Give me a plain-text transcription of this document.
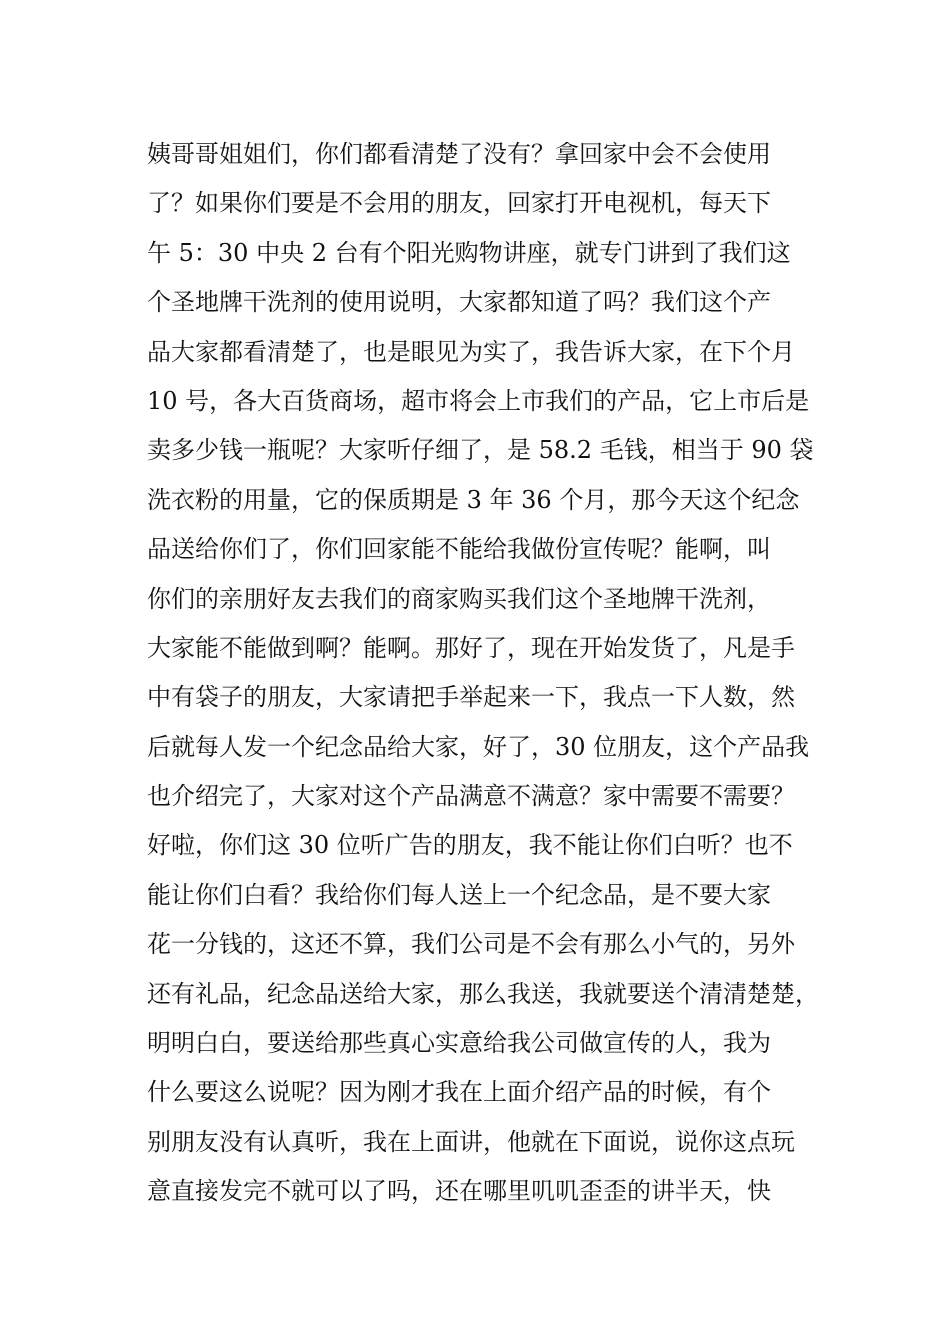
姨哥哥姐姐们，你们都看清楚了没有？拿回家中会不会使用
了？如果你们要是不会用的朋友，回家打开电视机，每天下
午 5：30 中央 2 台有个阳光购物讲座，就专门讲到了我们这
个圣地牌干洗剂的使用说明，大家都知道了吗？我们这个产
品大家都看清楚了，也是眼见为实了，我告诉大家，在下个月
10 号，各大百货商场，超市将会上市我们的产品，它上市后是
卖多少钱一瓶呢？大家听仔细了，是 58.2 毛钱，相当于 90 袋
洗衣粉的用量，它的保质期是 3 年 36 个月，那今天这个纪念
品送给你们了，你们回家能不能给我做份宣传呢？能啊，叫
你们的亲朋好友去我们的商家购买我们这个圣地牌干洗剂，
大家能不能做到啊？能啊。那好了，现在开始发货了，凡是手
中有袋子的朋友，大家请把手举起来一下，我点一下人数，然
后就每人发一个纪念品给大家，好了，30 位朋友，这个产品我
也介绍完了，大家对这个产品满意不满意？家中需要不需要？
好啦，你们这 30 位听广告的朋友，我不能让你们白听？也不
能让你们白看？我给你们每人送上一个纪念品，是不要大家
花一分钱的，这还不算，我们公司是不会有那么小气的，另外
还有礼品，纪念品送给大家，那么我送，我就要送个清清楚楚，
明明白白，要送给那些真心实意给我公司做宣传的人，我为
什么要这么说呢？因为刚才我在上面介绍产品的时候，有个
别朋友没有认真听，我在上面讲，他就在下面说，说你这点玩
意直接发完不就可以了吗，还在哪里叽叽歪歪的讲半天，快
